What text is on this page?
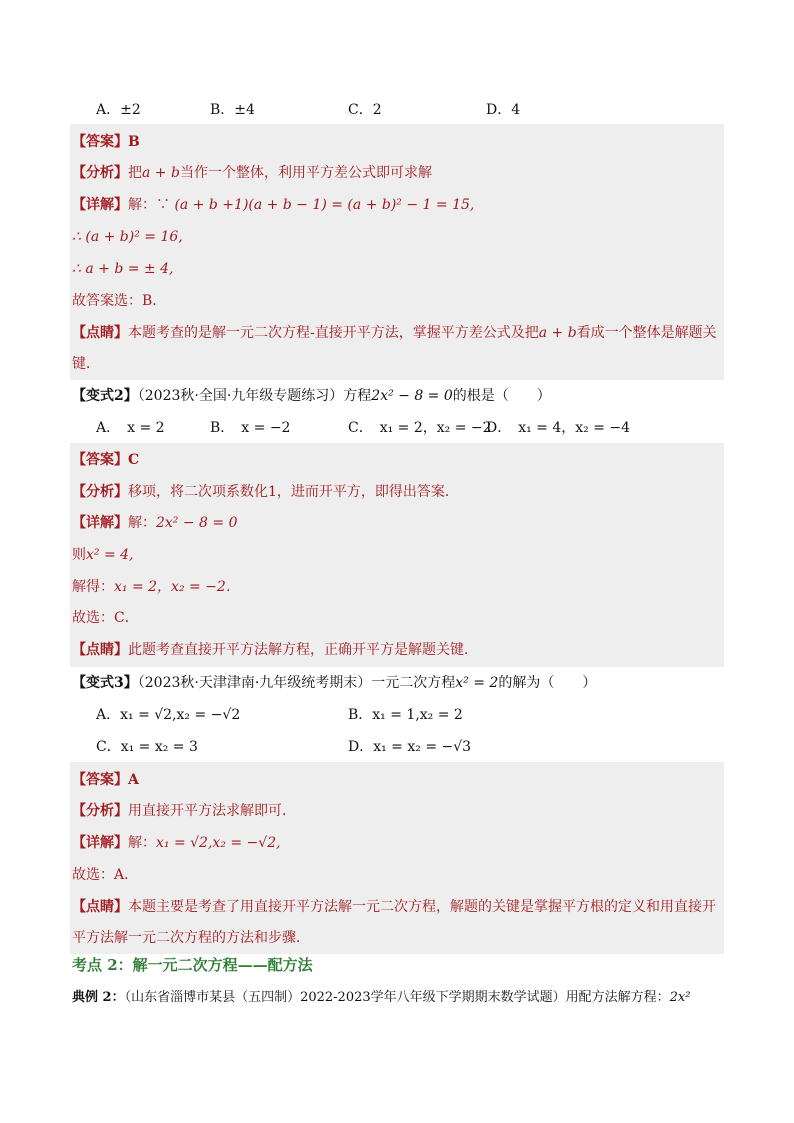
A．±2	B．±4	C．2	D．4
【答案】B
【分析】把a + b当作一个整体，利用平方差公式即可求解
【详解】解：∵ (a + b +1)(a + b − 1) = (a + b)² − 1 = 15,
∴ (a + b)² = 16,
∴ a + b = ± 4,
故答案选：B．
【点睛】本题考查的是解一元二次方程-直接开平方法，掌握平方差公式及把a + b看成一个整体是解题关
键．
【变式2】（2023秋·全国·九年级专题练习）方程2x² − 8 = 0的根是（　　）
A．　x = 2	B．　x = −2	C．　x₁ = 2，x₂ = −2
D．　x₁ = 4，x₂ = −4
【答案】C
【分析】移项，将二次项系数化1，进而开平方，即得出答案．
【详解】解：2x² − 8 = 0
则x² = 4,
解得：x₁ = 2，x₂ = −2．
故选：C．
【点睛】此题考查直接开平方法解方程，正确开平方是解题关键．
【变式3】（2023秋·天津津南·九年级统考期末）一元二次方程x² = 2的解为（　　）
A．x₁ = √2,x₂ = −√2	B．x₁ = 1,x₂ = 2
C．x₁ = x₂ = 3	D．x₁ = x₂ = −√3
【答案】A
【分析】用直接开平方法求解即可．
【详解】解：x₁ = √2,x₂ = −√2,
故选：A．
【点睛】本题主要是考查了用直接开平方法解一元二次方程，解题的关键是掌握平方根的定义和用直接开
平方法解一元二次方程的方法和步骤．
考点 2：解一元二次方程——配方法
典例 2：（山东省淄博市某县（五四制）2022-2023学年八年级下学期期末数学试题）用配方法解方程：2x²
